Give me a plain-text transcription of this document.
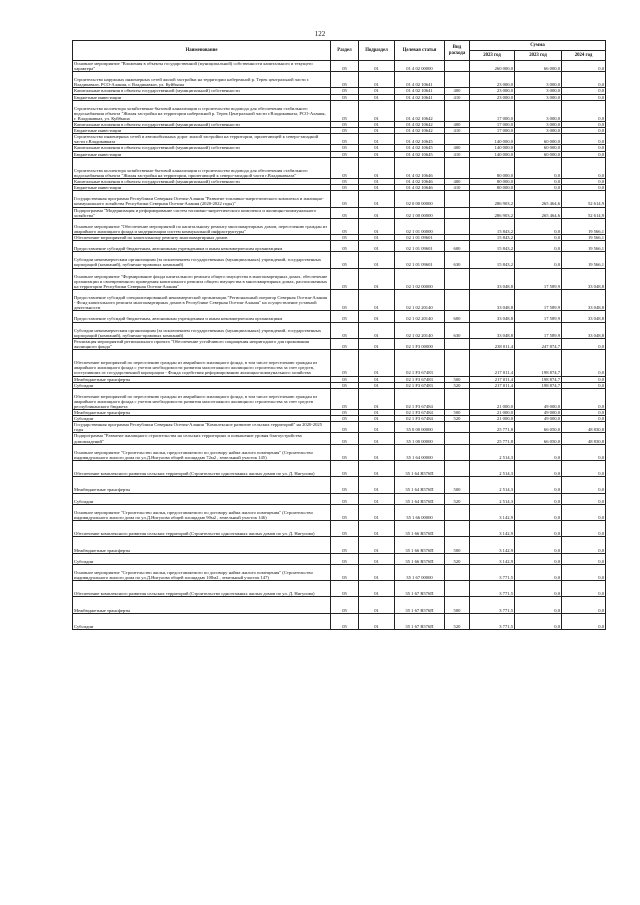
122
Наименование	Раздел	Подраздел	Целевая статья	Вид расхода	Сумма		
					2023 год	2023 год	2024 год
Основное мероприятие "Вложения в объекты государственной (муниципальной) собственности капитального и текущего характера"	05	01	01 4 02 00000		260 000,0	66 000,0	0,0
Строительство наружных инженерных сетей жилой застройки на территории набережной р. Терек центральной части г. Владикавказ, РСО-Алания, г. Владикавказ, ул. Куйбыша	05	01	01 4 02 10641		23 000,0	3 000,0	0,0
Капитальные вложения в объекты государственной (муниципальной) собственности	05	01	01 4 02 10641	400	23 000,0	3 000,0	0,0
Бюджетные инвестиции	05	01	01 4 02 10641	410	23 000,0	3 000,0	0,0
Строительство коллектора хозяйственно-бытовой канализации и строительство водовода для обеспечения стабильного водоснабжения объекта "Жилая застройка на территории набережной р. Терек Центральной части г.Владикавказа, РСО-Алания, г. Владикавказ, ул. Куйбыша	05	01	01 4 02 10642		17 000,0	3 000,0	0,0
Капитальные вложения в объекты государственной (муниципальной) собственности	05	01	01 4 02 10642	400	17 000,0	3 000,0	0,0
Бюджетные инвестиции	05	01	01 4 02 10642	410	17 000,0	3 000,0	0,0
Строительство инженерных сетей и автомобильных дорог жилой застройки на территории, прилегающей к северо-западной части г.Владикавказа	05	01	01 4 02 10645		140 000,0	60 000,0	0,0
Капитальные вложения в объекты государственной (муниципальной) собственности	05	01	01 4 02 10645	400	140 000,0	60 000,0	0,0
Бюджетные инвестиции	05	01	01 4 02 10645	410	140 000,0	60 000,0	0,0
Строительство коллектора хозяйственно-бытовой канализации и строительство водовода для обеспечения стабильного водоснабжения объекта "Жилая застройка на территории, прилегающей к северо-западной части г.Владикавказа"	05	01	01 4 02 10646		80 000,0	0,0	0,0
Капитальные вложения в объекты государственной (муниципальной) собственности	05	01	01 4 02 10646	400	80 000,0	0,0	0,0
Бюджетные инвестиции	05	01	01 4 02 10646	410	80 000,0	0,0	0,0
Государственная программа Республики Северная Осетия-Алания "Развитие топливно-энергетического комплекса и жилищно-коммунального хозяйства Республики Северная Осетия-Алания (2020-2022 годы)"	05	01	02 0 00 00000		286 903,2	265 464,6	52 614,9
Подпрограмма "Модернизация и реформирование систем топливно-энергетического комплекса и жилищно-коммунального хозяйства"	05	01	02 1 00 00000		286 903,2	265 464,6	52 614,9
Основное мероприятие "Обеспечение мероприятий по капитальному ремонту многоквартирных домов, переселению граждан из аварийного жилищного фонда и модернизации систем коммунальной инфраструктуры"	05	01	02 1 01 00000		15 843,2	0,0	19 566,1
Обеспечение мероприятий по капитальному ремонту многоквартирных домов	05	01	02 1 01 09601		15 843,2	0,0	19 566,1
Предоставление субсидий бюджетным, автономным учреждениям и иным некоммерческим организациям	05	01	02 1 01 09601	600	15 843,2	0,0	19 566,1
Субсидии некоммерческим организациям (за исключением государственных (муниципальных) учреждений, государственных корпораций (компаний), публично-правовых компаний)	05	01	02 1 01 09601	630	15 843,2	0,0	19 566,1
Основное мероприятие "Формирование фонда капитального ремонта общего имущества в многоквартирных домах, обеспечение организации и своевременного проведения капитального ремонта общего имущества в многоквартирных домах, расположенных на территории Республики Северная Осетия-Алания"	05	01	02 1 02 00000		33 048,8	17 589,9	33 048,8
Предоставление субсидий специализированной некоммерческой организации "Региональный оператор Северная Осетия-Алания - Фонд капитального ремонта многоквартирных домов в Республике Северная Осетия-Алания" на осуществление уставной деятельности	05	01	02 1 02 20140		33 048,8	17 589,9	33 048,8
Предоставление субсидий бюджетным, автономным учреждениям и иным некоммерческим организациям	05	01	02 1 02 20140	600	33 048,8	17 589,9	33 048,8
Субсидии некоммерческим организациям (за исключением государственных (муниципальных) учреждений, государственных корпораций (компаний), публично-правовых компаний)	05	01	02 1 02 20140	630	33 048,8	17 589,9	33 048,8
Реализация мероприятий регионального проекта "Обеспечение устойчивого сокращения непригодного для проживания жилищного фонда"	05	01	02 1 F3 00000		238 011,4	247 874,7	0,0
Обеспечение мероприятий по переселению граждан из аварийного жилищного фонда, в том числе переселению граждан из аварийного жилищного фонда с учетом необходимости развития малоэтажного жилищного строительства за счет средств, поступивших от государственной корпорации - Фонда содействия реформированию жилищно-коммунального хозяйства	05	01	02 1 F3 67483		217 011,4	198 874,7	0,0
Межбюджетные трансферты	05	01	02 1 F3 67483	500	217 011,4	198 874,7	0,0
Субсидии	05	01	02 1 F3 67483	520	217 011,4	198 874,7	0,0
Обеспечение мероприятий по переселению граждан из аварийного жилищного фонда, в том числе переселению граждан из аварийного жилищного фонда с учетом необходимости развития малоэтажного жилищного строительства за счет средств республиканского бюджета	05	01	02 1 F3 67484		21 000,0	49 000,0	0,0
Межбюджетные трансферты	05	01	02 1 F3 67484	500	21 000,0	49 000,0	0,0
Субсидии	05	01	02 1 F3 67484	520	21 000,0	49 000,0	0,0
Государственная программа Республики Северная Осетия-Алания "Комплексное развитие сельских территорий" на 2020-2025 годы	05	01	35 0 00 00000		25 771,8	66 050,0	48 830,8
Подпрограмма "Развитие жилищного строительства на сельских территориях и повышение уровня благоустройства домовладений"	05	01	35 1 00 00000		25 771,8	66 050,0	48 830,8
Основное мероприятие "Строительство жилья, предоставляемого по договору найма жилого помещения" (Строительство индивидуального жилого дома по ул.Д.Нигуоова общей площадью 72м2 , земельный участок 145)	05	01	35 1 64 00000		2 514,3	0,0	0,0
Обеспечение комплексного развития сельских территорий (Строительство одноэтажных жилых домов по ул. Д. Нигуоова)	05	01	35 1 64 R576П		2 514,3	0,0	0,0
Межбюджетные трансферты	05	01	35 1 64 R576П	500	2 514,3	0,0	0,0
Субсидии	05	01	35 1 64 R576П	520	2 514,3	0,0	0,0
Основное мероприятие "Строительство жилья, предоставляемого по договору найма жилого помещения" (Строительство индивидуального жилого дома по ул.Д.Нигуоова общей площадью 90м2 , земельный участок 146)	05	01	35 1 66 00000		3 142,9	0,0	0,0
Обеспечение комплексного развития сельских территорий (Строительство одноэтажных жилых домов по ул. Д. Нигуоова)	05	01	35 1 66 R576П		3 142,9	0,0	0,0
Межбюджетные трансферты	05	01	35 1 66 R576П	500	3 142,9	0,0	0,0
Субсидии	05	01	35 1 66 R576П	520	3 142,9	0,0	0,0
Основное мероприятие "Строительство жилья, предоставляемого по договору найма жилого помещения" (Строительство индивидуального жилого дома по ул.Д.Нигуоова общей площадью 108м2 , земельный участок 147)	05	01	35 1 67 00000		3 771,5	0,0	0,0
Обеспечение комплексного развития сельских территорий (Строительство одноэтажных жилых домов по ул. Д. Нигуоова)	05	01	35 1 67 R576П		3 771,5	0,0	0,0
Межбюджетные трансферты	05	01	35 1 67 R576П	500	3 771,5	0,0	0,0
Субсидии	05	01	35 1 67 R576П	520	3 771,5	0,0	0,0
